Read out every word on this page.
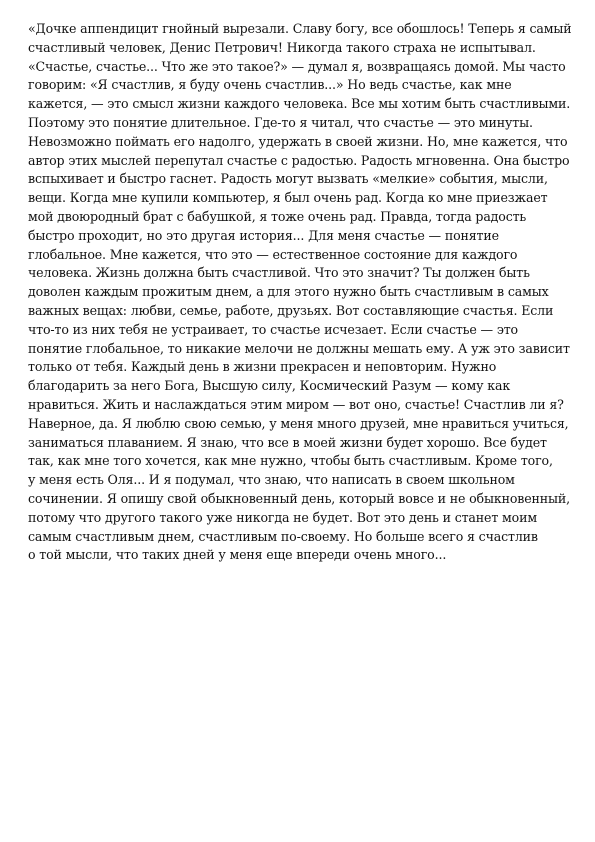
«Дочке аппендицит гнойный вырезали. Славу богу, все обошлось! Теперь я самый
счастливый человек, Денис Петрович! Никогда такого страха не испытывал.
«Счастье, счастье... Что же это такое?» — думал я, возвращаясь домой. Мы часто
говорим: «Я счастлив, я буду очень счастлив...» Но ведь счастье, как мне
кажется, — это смысл жизни каждого человека. Все мы хотим быть счастливыми.
Поэтому это понятие длительное. Где-то я читал, что счастье — это минуты.
Невозможно поймать его надолго, удержать в своей жизни. Но, мне кажется, что
автор этих мыслей перепутал счастье с радостью. Радость мгновенна. Она быстро
вспыхивает и быстро гаснет. Радость могут вызвать «мелкие» события, мысли,
вещи. Когда мне купили компьютер, я был очень рад. Когда ко мне приезжает
мой двоюродный брат с бабушкой, я тоже очень рад. Правда, тогда радость
быстро проходит, но это другая история... Для меня счастье — понятие
глобальное. Мне кажется, что это — естественное состояние для каждого
человека. Жизнь должна быть счастливой. Что это значит? Ты должен быть
доволен каждым прожитым днем, а для этого нужно быть счастливым в самых
важных вещах: любви, семье, работе, друзьях. Вот составляющие счастья. Если
что-то из них тебя не устраивает, то счастье исчезает. Если счастье — это
понятие глобальное, то никакие мелочи не должны мешать ему. А уж это зависит
только от тебя. Каждый день в жизни прекрасен и неповторим. Нужно
благодарить за него Бога, Высшую силу, Космический Разум — кому как
нравиться. Жить и наслаждаться этим миром — вот оно, счастье! Счастлив ли я?
Наверное, да. Я люблю свою семью, у меня много друзей, мне нравиться учиться,
заниматься плаванием. Я знаю, что все в моей жизни будет хорошо. Все будет
так, как мне того хочется, как мне нужно, чтобы быть счастливым. Кроме того,
у меня есть Оля... И я подумал, что знаю, что написать в своем школьном
сочинении. Я опишу свой обыкновенный день, который вовсе и не обыкновенный,
потому что другого такого уже никогда не будет. Вот это день и станет моим
самым счастливым днем, счастливым по-своему. Но больше всего я счастлив
о той мысли, что таких дней у меня еще впереди очень много...
